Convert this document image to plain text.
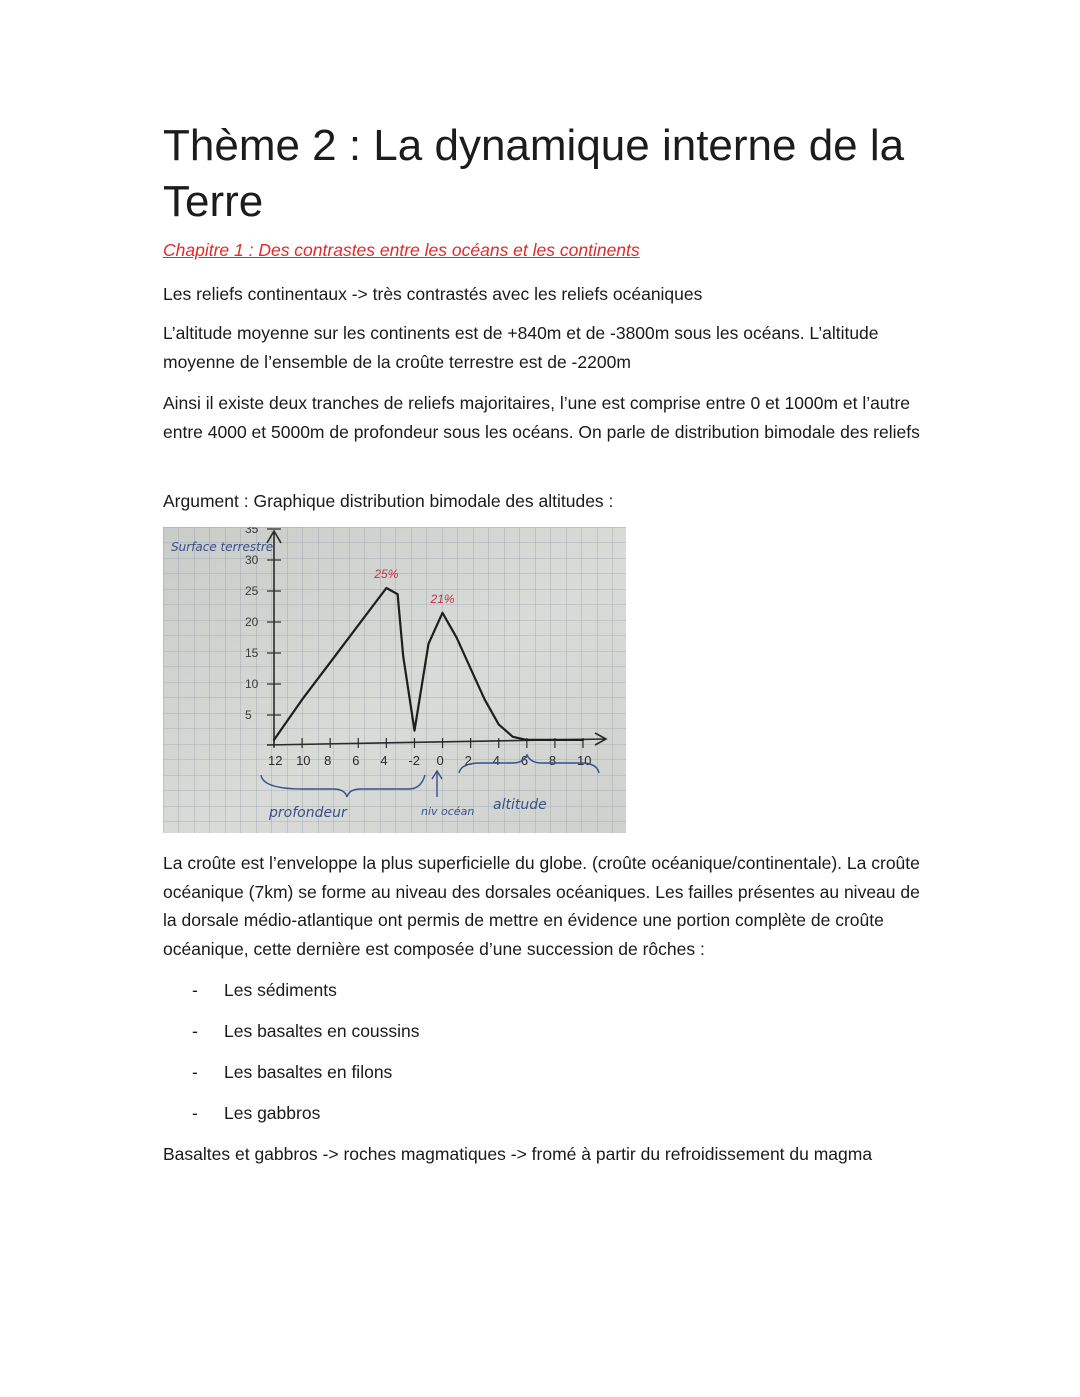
Thème 2 : La dynamique interne de la Terre
Chapitre 1 : Des contrastes entre les océans et les continents

Les reliefs continentaux -> très contrastés avec les reliefs océaniques

L’altitude moyenne sur les continents est de +840m et de -3800m sous les océans. L’altitude moyenne de l’ensemble de la croûte terrestre est de -2200m

Ainsi il existe deux tranches de reliefs majoritaires, l’une est comprise entre 0 et 1000m et l’autre entre 4000 et 5000m de profondeur sous les océans. On parle de distribution bimodale des reliefs

Argument : Graphique distribution bimodale des altitudes :

Surface terrestre
5
10
15
20
25
30
35
12 10 8 6 4 -2 0 2 4 6 8 10
25%
21%
profondeur	altitude
niv océan

La croûte est l’enveloppe la plus superficielle du globe. (croûte océanique/continentale). La croûte océanique (7km) se forme au niveau des dorsales océaniques. Les failles présentes au niveau de la dorsale médio-atlantique ont permis de mettre en évidence une portion complète de croûte océanique, cette dernière est composée d’une succession de rôches :

- Les sédiments
- Les basaltes en coussins
- Les basaltes en filons
- Les gabbros

Basaltes et gabbros -> roches magmatiques -> fromé à partir du refroidissement du magma
